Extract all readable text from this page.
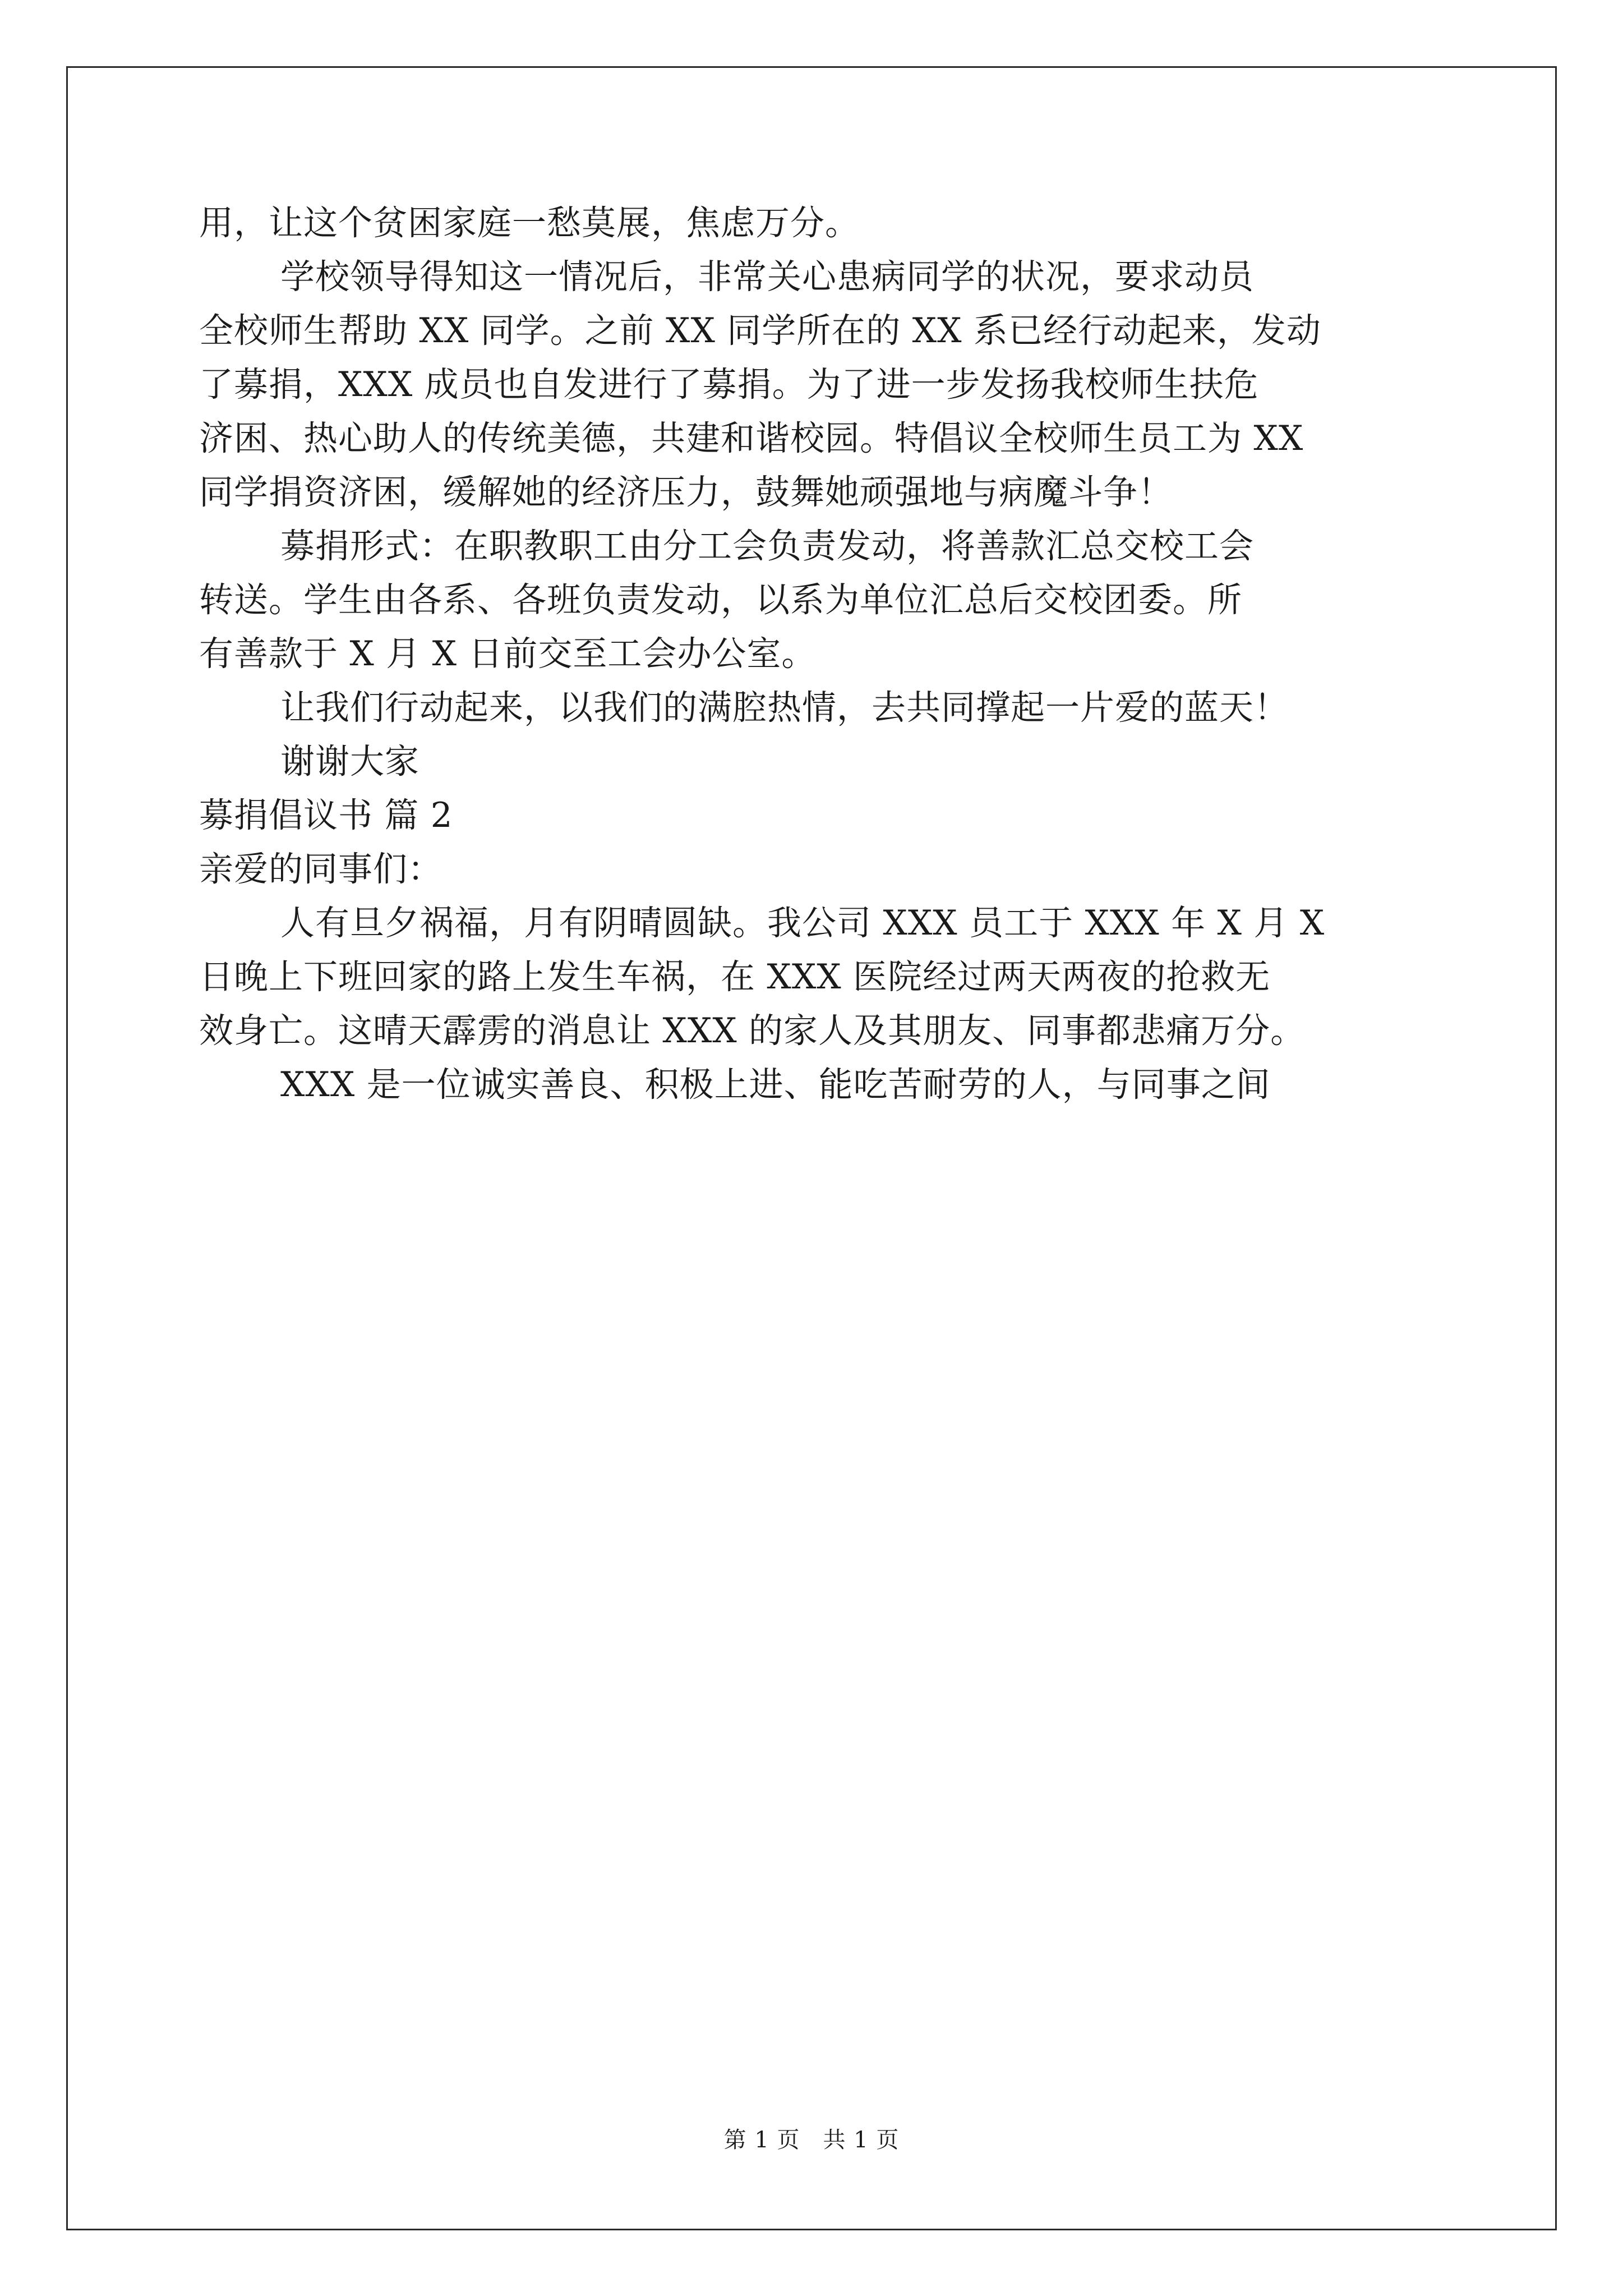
用，让这个贫困家庭一愁莫展，焦虑万分。
学校领导得知这一情况后，非常关心患病同学的状况，要求动员
全校师生帮助 XX 同学。之前 XX 同学所在的 XX 系已经行动起来，发动
了募捐，XXX 成员也自发进行了募捐。为了进一步发扬我校师生扶危
济困、热心助人的传统美德，共建和谐校园。特倡议全校师生员工为 XX
同学捐资济困，缓解她的经济压力，鼓舞她顽强地与病魔斗争！
募捐形式：在职教职工由分工会负责发动，将善款汇总交校工会
转送。学生由各系、各班负责发动，以系为单位汇总后交校团委。所
有善款于 X 月 X 日前交至工会办公室。
让我们行动起来，以我们的满腔热情，去共同撑起一片爱的蓝天！
谢谢大家
募捐倡议书 篇 2
亲爱的同事们：
人有旦夕祸福，月有阴晴圆缺。我公司 XXX 员工于 XXX 年 X 月 X
日晚上下班回家的路上发生车祸，在 XXX 医院经过两天两夜的抢救无
效身亡。这晴天霹雳的消息让 XXX 的家人及其朋友、同事都悲痛万分。
XXX 是一位诚实善良、积极上进、能吃苦耐劳的人，与同事之间
第 1 页　共 1 页
